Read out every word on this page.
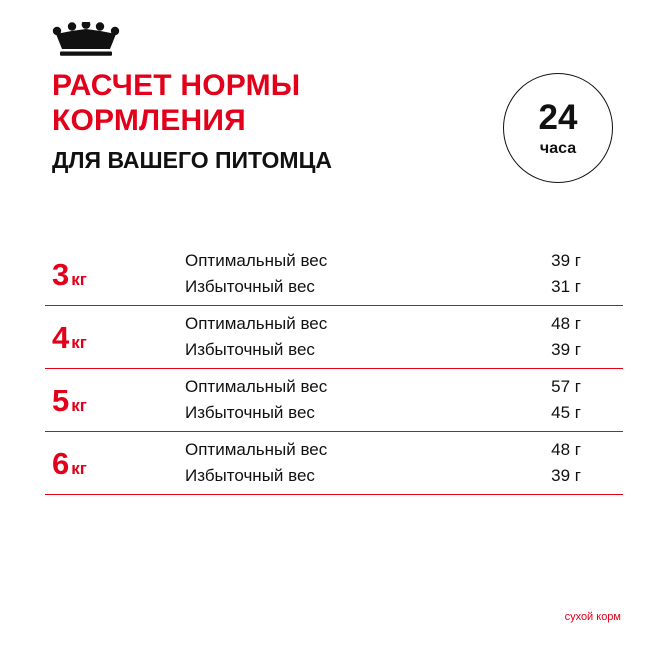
РАСЧЕТ НОРМЫ
КОРМЛЕНИЯ
ДЛЯ ВАШЕГО ПИТОМЦА
24
часа
3 кг
Оптимальный вес	39 г
Избыточный вес	31 г
4 кг
Оптимальный вес	48 г
Избыточный вес	39 г
5 кг
Оптимальный вес	57 г
Избыточный вес	45 г
6 кг
Оптимальный вес	48 г
Избыточный вес	39 г
сухой корм
